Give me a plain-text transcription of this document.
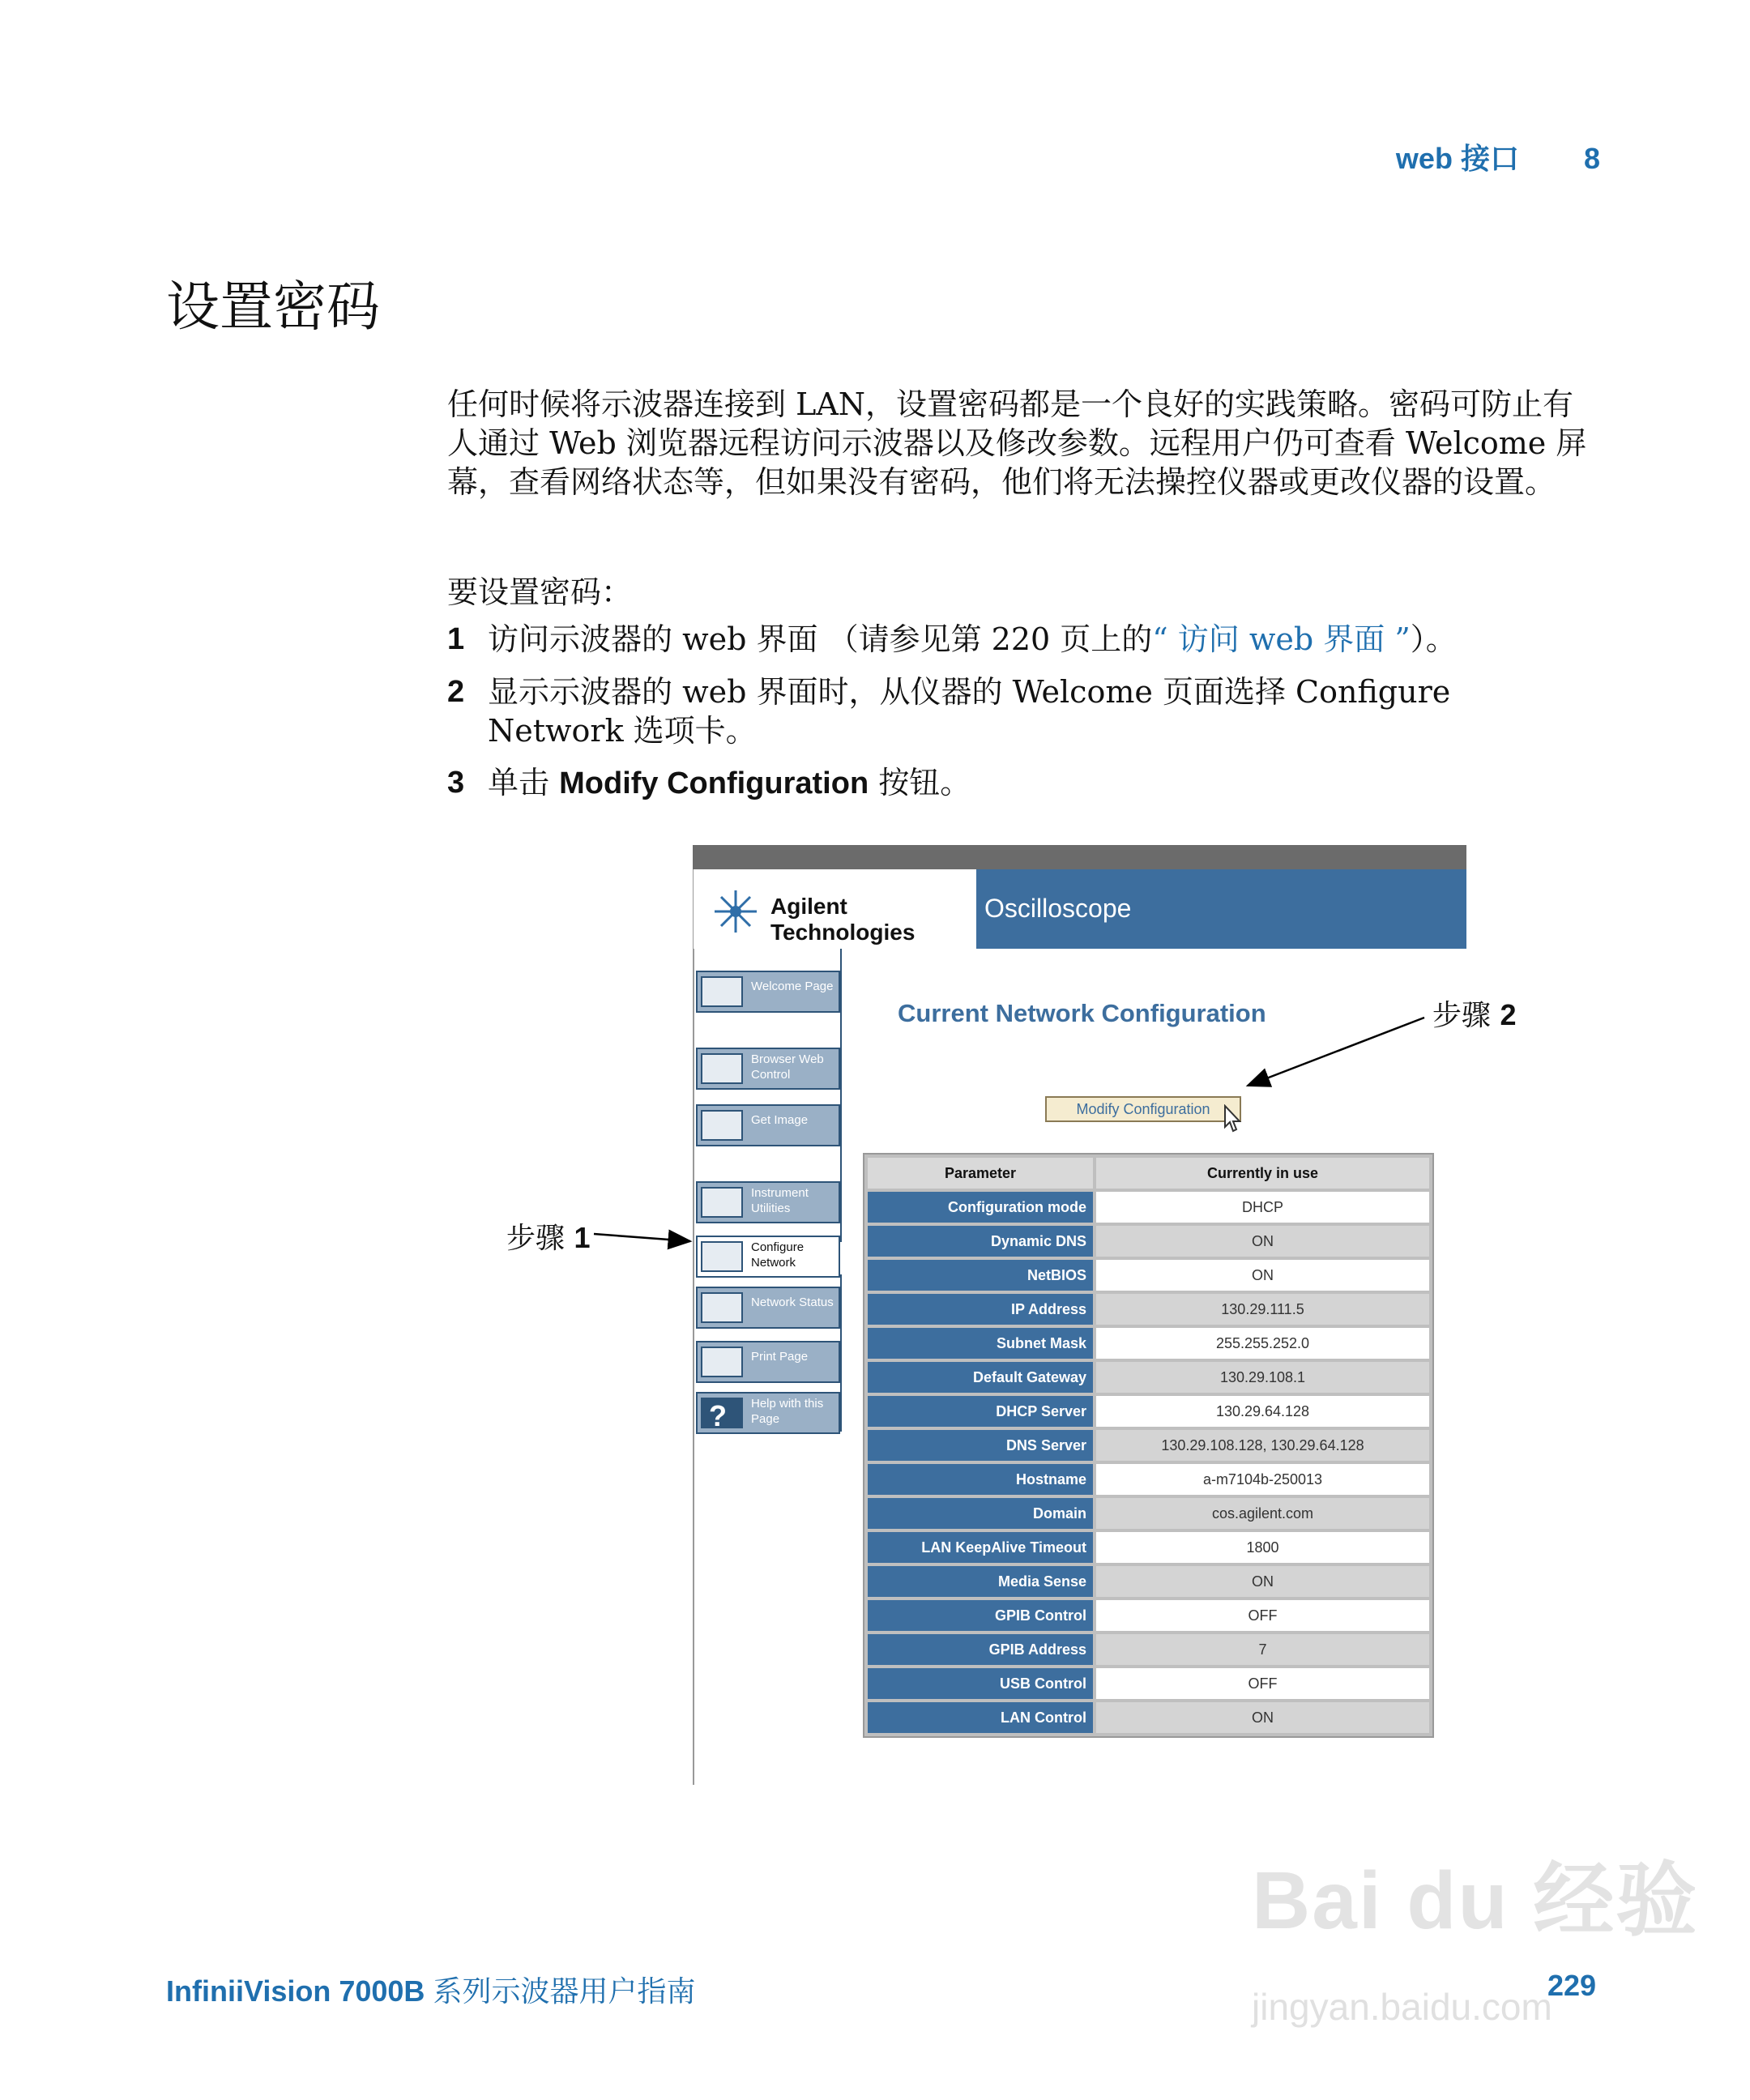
web 接口 8
设置密码
任何时候将示波器连接到 LAN，设置密码都是一个良好的实践策略。密码可防止有人通过 Web 浏览器远程访问示波器以及修改参数。远程用户仍可查看 Welcome 屏幕，查看网络状态等，但如果没有密码，他们将无法操控仪器或更改仪器的设置。
要设置密码：
1 访问示波器的 web 界面 （请参见第 220 页上的“ 访问 web 界面 ”）。
2 显示示波器的 web 界面时，从仪器的 Welcome 页面选择 Configure Network 选项卡。
3 单击 Modify Configuration 按钮。
Agilent Technologies
Oscilloscope
Welcome Page
Browser Web Control
Get Image
Instrument Utilities
Configure Network
Network Status
Print Page
? Help with this Page
Current Network Configuration
Modify Configuration
Parameter	Currently in use
Configuration mode	DHCP
Dynamic DNS	ON
NetBIOS	ON
IP Address	130.29.111.5
Subnet Mask	255.255.252.0
Default Gateway	130.29.108.1
DHCP Server	130.29.64.128
DNS Server	130.29.108.128, 130.29.64.128
Hostname	a-m7104b-250013
Domain	cos.agilent.com
LAN KeepAlive Timeout	1800
Media Sense	ON
GPIB Control	OFF
GPIB Address	7
USB Control	OFF
LAN Control	ON
步骤 1
步骤 2
InfiniiVision 7000B 系列示波器用户指南	229
Bai du 经验
jingyan.baidu.com
